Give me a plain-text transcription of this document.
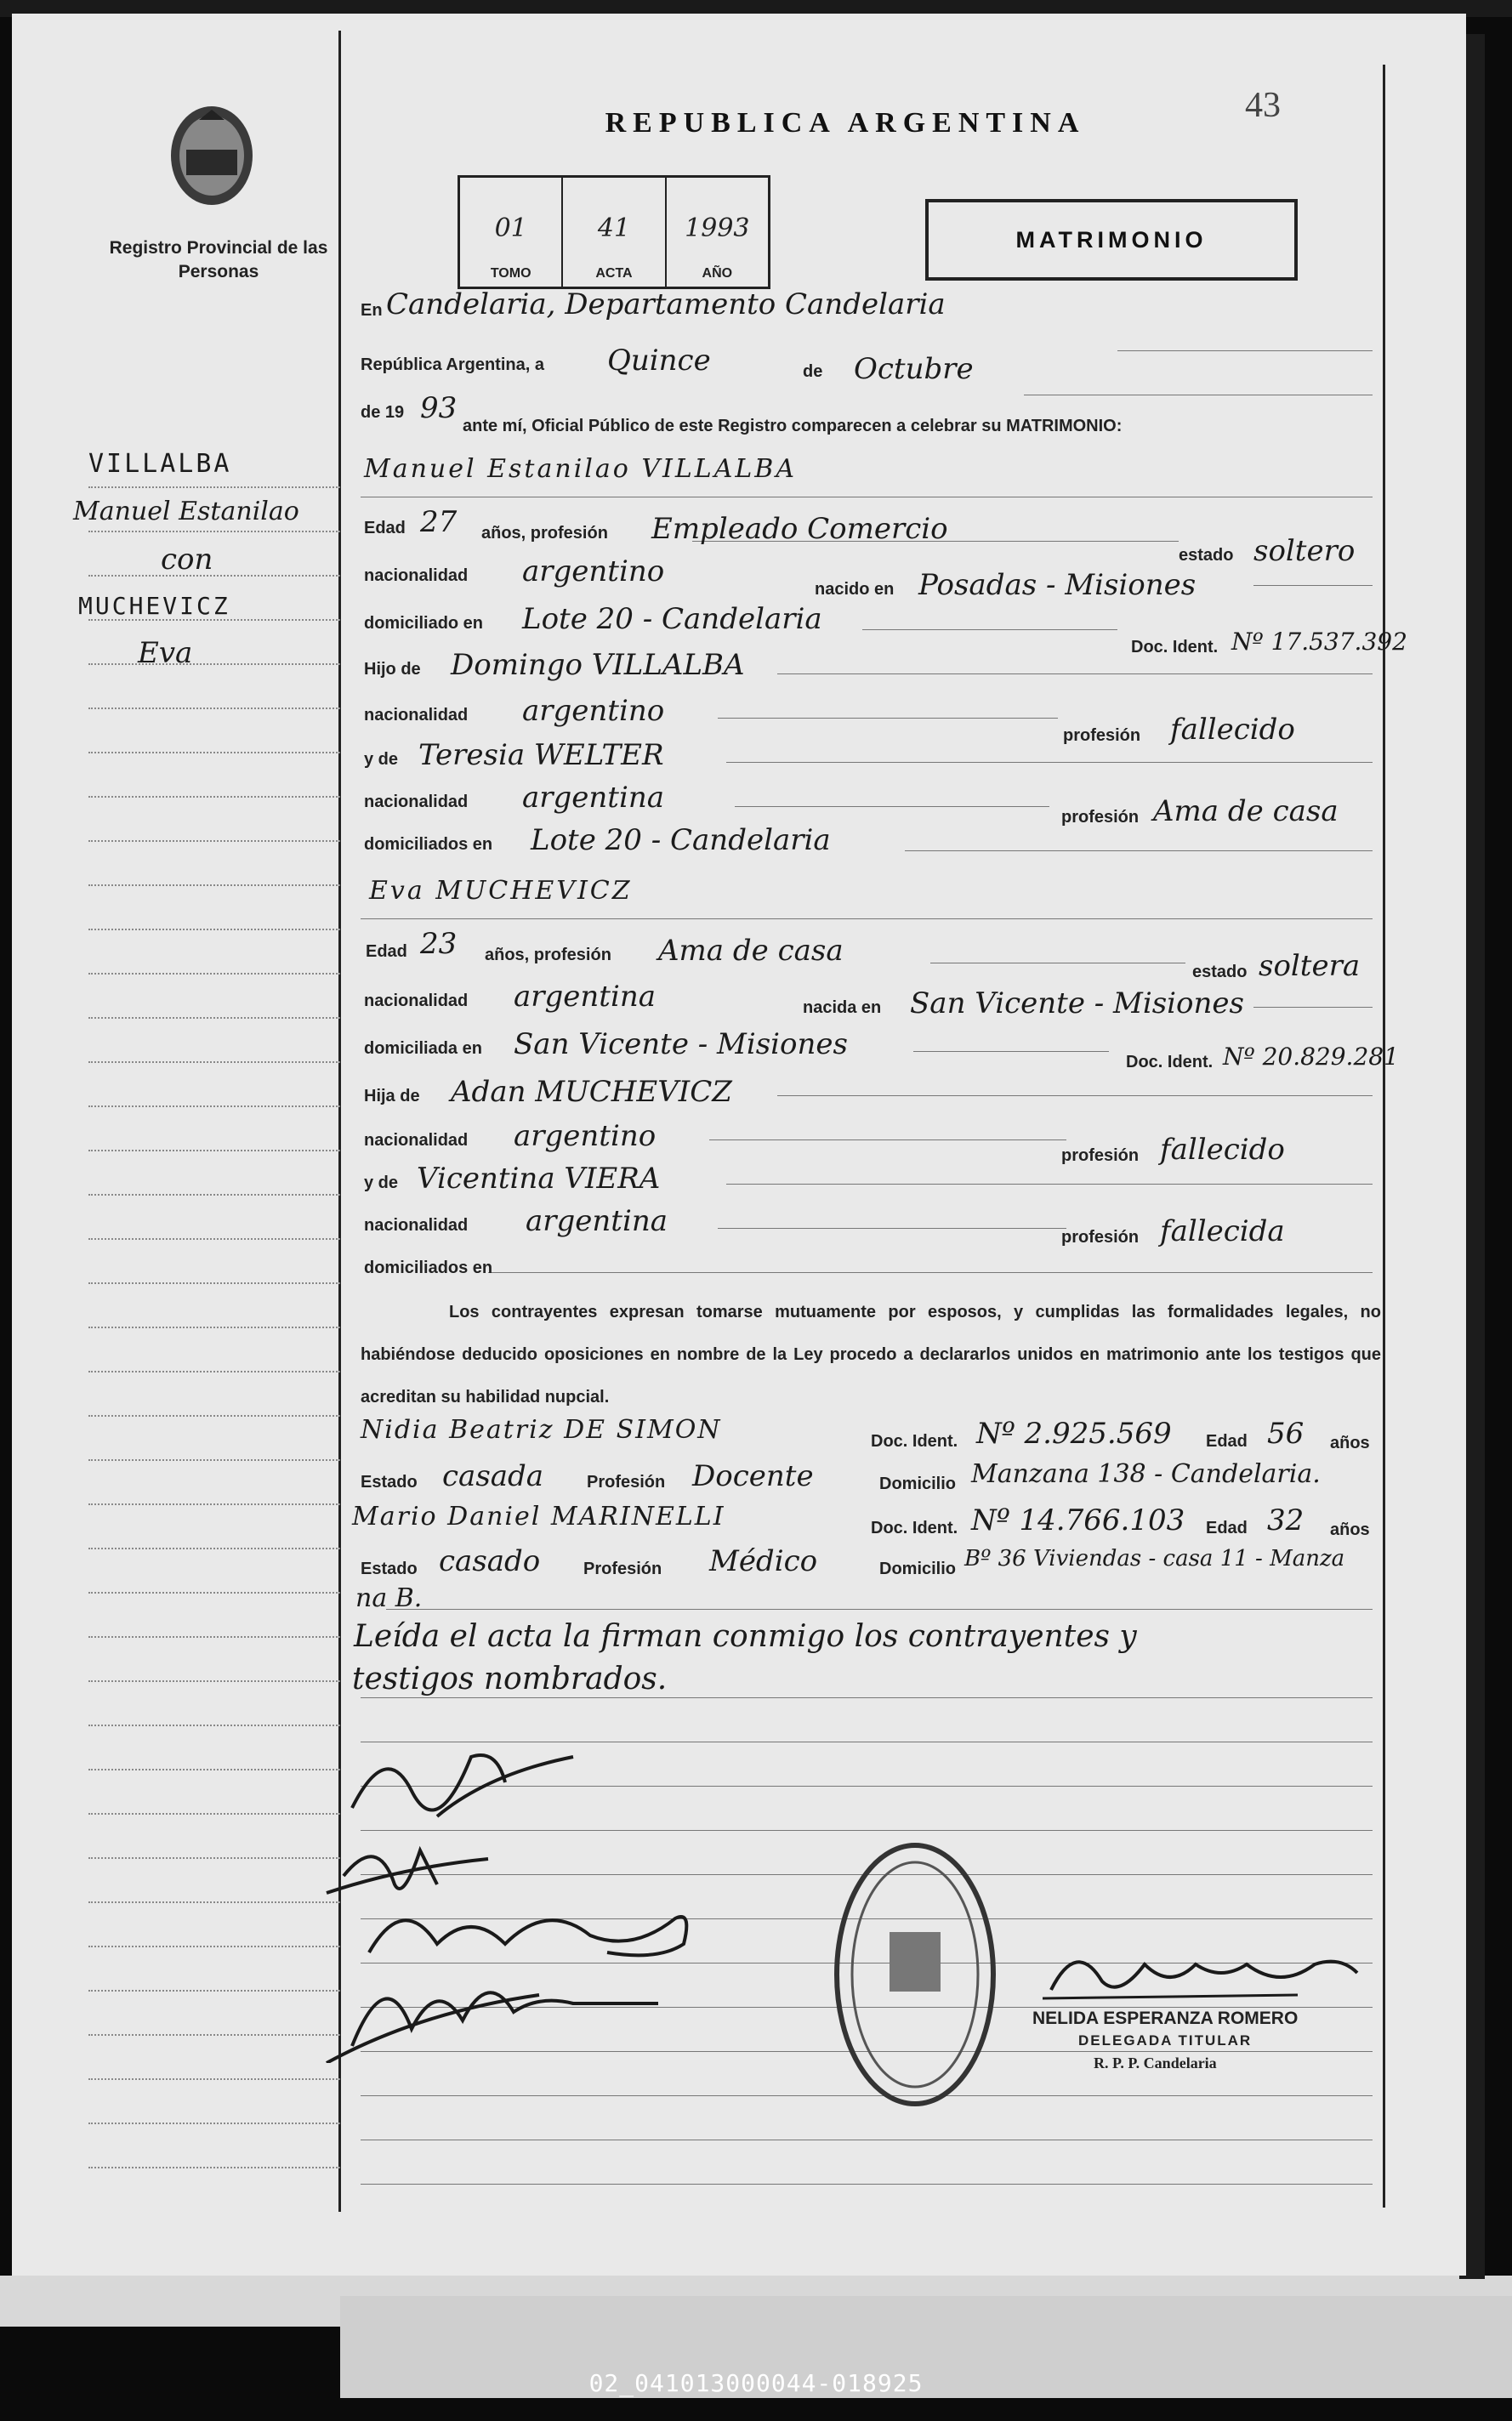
Registro Provincial de las Personas
REPUBLICA ARGENTINA	43
01
TOMO
41
ACTA
1993
AÑO
MATRIMONIO
VILLALBA
Manuel Estanilao
con
MUCHEVICZ
Eva
En Candelaria, Departamento Candelaria
República Argentina, a Quince	de Octubre
de 19 93
ante mí, Oficial Público de este Registro comparecen a celebrar su MATRIMONIO:
Manuel Estanilao VILLALBA
Edad 27 años, profesión Empleado Comercio
estado soltero
nacionalidad argentino
nacido en Posadas - Misiones
domiciliado en Lote 20 - Candelaria
Doc. Ident. Nº 17.537.392
Hijo de Domingo VILLALBA
nacionalidad argentino
profesión fallecido
y de Teresia WELTER
nacionalidad argentina
profesión Ama de casa
domiciliados en Lote 20 - Candelaria
Eva MUCHEVICZ
Edad 23 años, profesión Ama de casa
estado soltera
nacionalidad argentina	nacida en San Vicente - Misiones
domiciliada en San Vicente - Misiones
Doc. Ident. Nº 20.829.281
Hija de Adan MUCHEVICZ
nacionalidad argentino
profesión fallecido
y de Vicentina VIERA
nacionalidad argentina	profesión fallecida
domiciliados en
Los contrayentes expresan tomarse mutuamente por esposos, y cumplidas las formalidades legales, no habiéndose deducido oposiciones en nombre de la Ley procedo a declararlos unidos en matrimonio ante los testigos que acreditan su habilidad nupcial.
Nidia Beatriz DE SIMON	Doc. Ident. Nº 2.925.569 Edad 56 años
Estado casada	Profesión Docente	Domicilio Manzana 138 - Candelaria.
Mario Daniel MARINELLI	Doc. Ident. Nº 14.766.103 Edad 32 años
Estado casado	Profesión Médico	Domicilio Bº 36 Viviendas - casa 11 - Manza
na B.
Leída el acta la firman conmigo los contrayentes y
testigos nombrados.
NELIDA ESPERANZA ROMERO
DELEGADA TITULAR
R. P. P. Candelaria
02_041013000044-018925
